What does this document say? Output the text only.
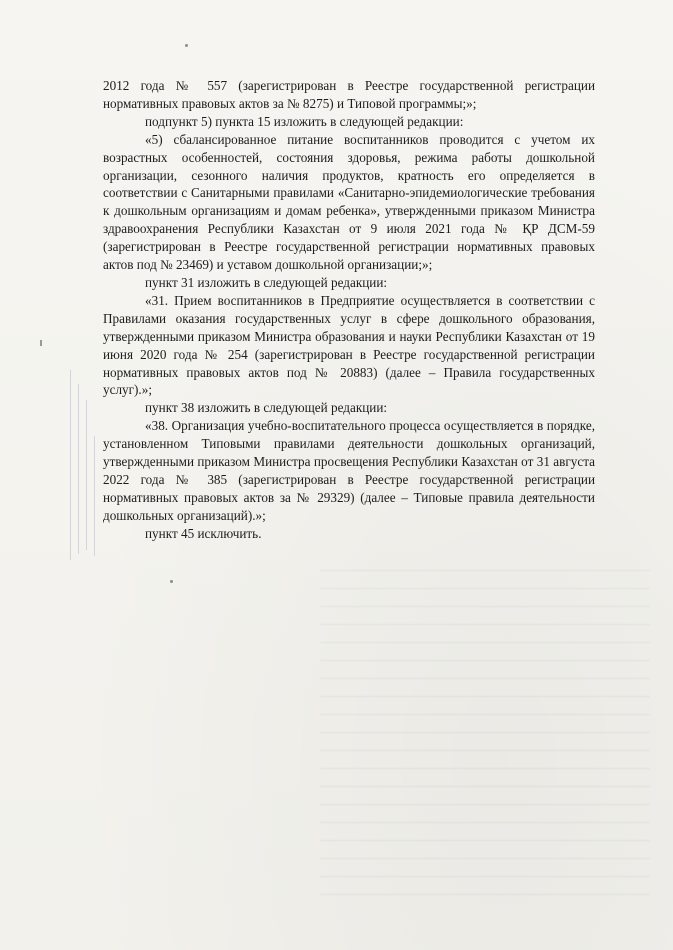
2012 года № 557 (зарегистрирован в Реестре государственной регистрации нормативных правовых актов за № 8275) и Типовой программы;»;

подпункт 5) пункта 15 изложить в следующей редакции:

«5) сбалансированное питание воспитанников проводится с учетом их возрастных особенностей, состояния здоровья, режима работы дошкольной организации, сезонного наличия продуктов, кратность его определяется в соответствии с Санитарными правилами «Санитарно-эпидемиологические требования к дошкольным организациям и домам ребенка», утвержденными приказом Министра здравоохранения Республики Казахстан от 9 июля 2021 года № ҚР ДСМ-59 (зарегистрирован в Реестре государственной регистрации нормативных правовых актов под № 23469) и уставом дошкольной организации;»;

пункт 31 изложить в следующей редакции:

«31. Прием воспитанников в Предприятие осуществляется в соответствии с Правилами оказания государственных услуг в сфере дошкольного образования, утвержденными приказом Министра образования и науки Республики Казахстан от 19 июня 2020 года № 254 (зарегистрирован в Реестре государственной регистрации нормативных правовых актов под № 20883) (далее – Правила государственных услуг).»;

пункт 38 изложить в следующей редакции:

«38. Организация учебно-воспитательного процесса осуществляется в порядке, установленном Типовыми правилами деятельности дошкольных организаций, утвержденными приказом Министра просвещения Республики Казахстан от 31 августа 2022 года № 385 (зарегистрирован в Реестре государственной регистрации нормативных правовых актов за № 29329) (далее – Типовые правила деятельности дошкольных организаций).»;

пункт 45 исключить.
